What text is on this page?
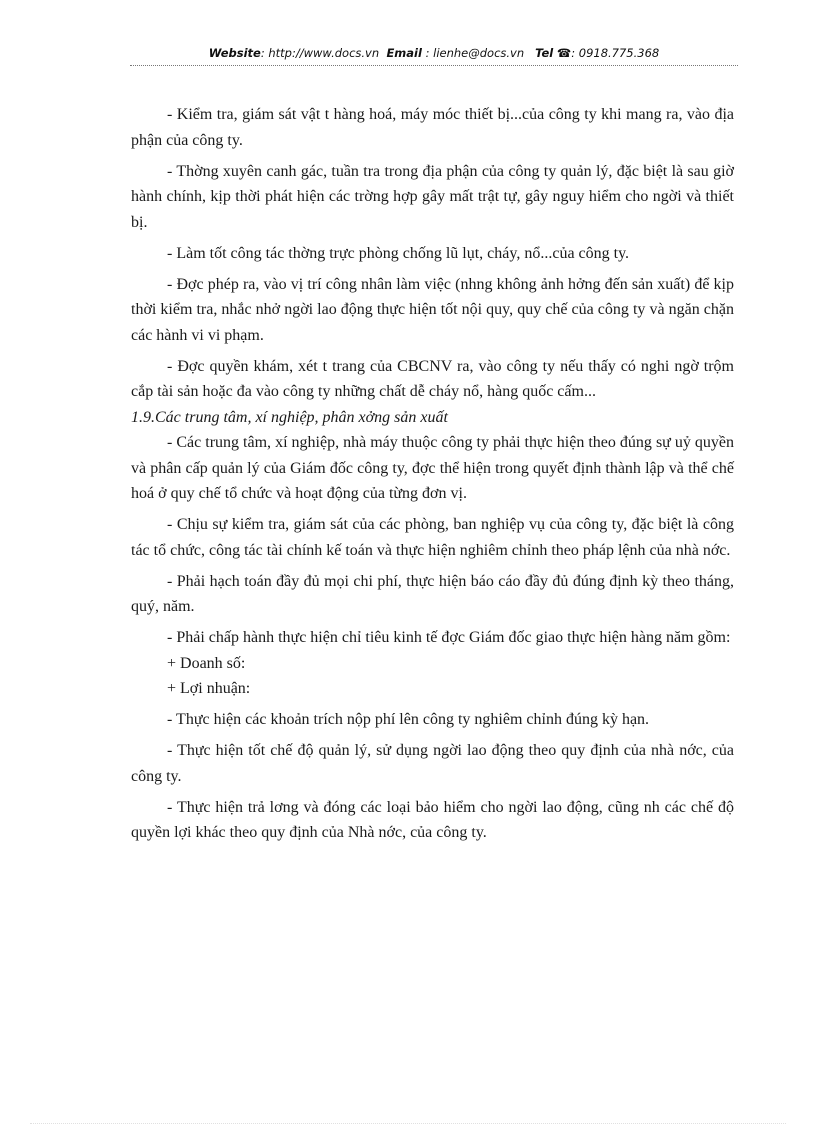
Website: http://www.docs.vn Email : lienhe@docs.vn Tel ☎: 0918.775.368

- Kiểm tra, giám sát vật t hàng hoá, máy móc thiết bị...của công ty khi mang ra, vào địa phận của công ty.

- Thờng xuyên canh gác, tuần tra trong địa phận của công ty quản lý, đặc biệt là sau giờ hành chính, kịp thời phát hiện các trờng hợp gây mất trật tự, gây nguy hiểm cho ngời và thiết bị.

- Làm tốt công tác thờng trực phòng chống lũ lụt, cháy, nổ...của công ty.

- Đợc phép ra, vào vị trí công nhân làm việc (nhng không ảnh hởng đến sản xuất) để kịp thời kiểm tra, nhắc nhở ngời lao động thực hiện tốt nội quy, quy chế của công ty và ngăn chặn các hành vi vi phạm.

- Đợc quyền khám, xét t trang của CBCNV ra, vào công ty nếu thấy có nghi ngờ trộm cắp tài sản hoặc đa vào công ty những chất dễ cháy nổ, hàng quốc cấm...

1.9.Các trung tâm, xí nghiệp, phân xởng sản xuất

- Các trung tâm, xí nghiệp, nhà máy thuộc công ty phải thực hiện theo đúng sự uỷ quyền và phân cấp quản lý của Giám đốc công ty, đợc thể hiện trong quyết định thành lập và thể chế hoá ở quy chế tổ chức và hoạt động của từng đơn vị.

- Chịu sự kiểm tra, giám sát của các phòng, ban nghiệp vụ của công ty, đặc biệt là công tác tổ chức, công tác tài chính kế toán và thực hiện nghiêm chỉnh theo pháp lệnh của nhà nớc.

- Phải hạch toán đầy đủ mọi chi phí, thực hiện báo cáo đầy đủ đúng định kỳ theo tháng, quý, năm.

- Phải chấp hành thực hiện chỉ tiêu kinh tế đợc Giám đốc giao thực hiện hàng năm gồm:

+ Doanh số:

+ Lợi nhuận:

- Thực hiện các khoản trích nộp phí lên công ty nghiêm chỉnh đúng kỳ hạn.

- Thực hiện tốt chế độ quản lý, sử dụng ngời lao động theo quy định của nhà nớc, của công ty.

- Thực hiện trả lơng và đóng các loại bảo hiểm cho ngời lao động, cũng nh các chế độ quyền lợi khác theo quy định của Nhà nớc, của công ty.
